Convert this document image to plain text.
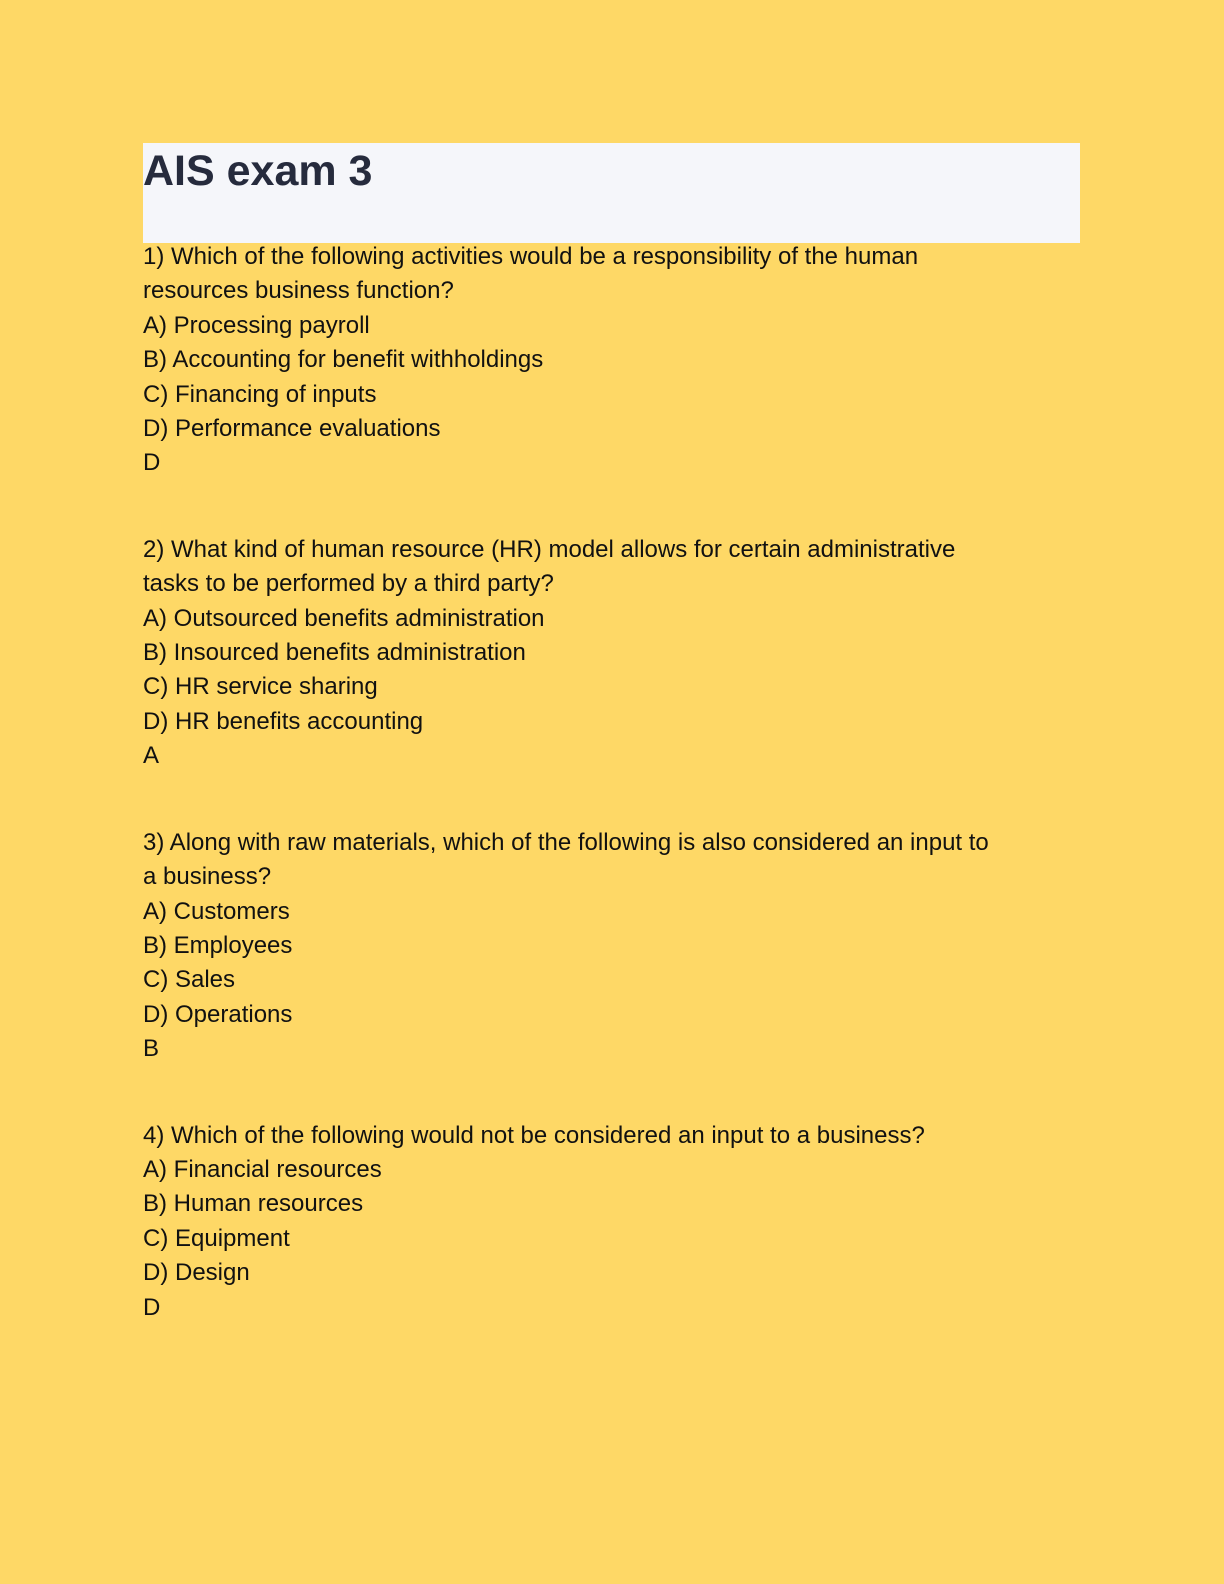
AIS exam 3

1) Which of the following activities would be a responsibility of the human

resources business function?

A) Processing payroll

B) Accounting for benefit withholdings

C) Financing of inputs

D) Performance evaluations

D

2) What kind of human resource (HR) model allows for certain administrative

tasks to be performed by a third party?

A) Outsourced benefits administration

B) Insourced benefits administration

C) HR service sharing

D) HR benefits accounting

A

3) Along with raw materials, which of the following is also considered an input to

a business?

A) Customers

B) Employees

C) Sales

D) Operations

B

4) Which of the following would not be considered an input to a business?

A) Financial resources

B) Human resources

C) Equipment

D) Design

D
